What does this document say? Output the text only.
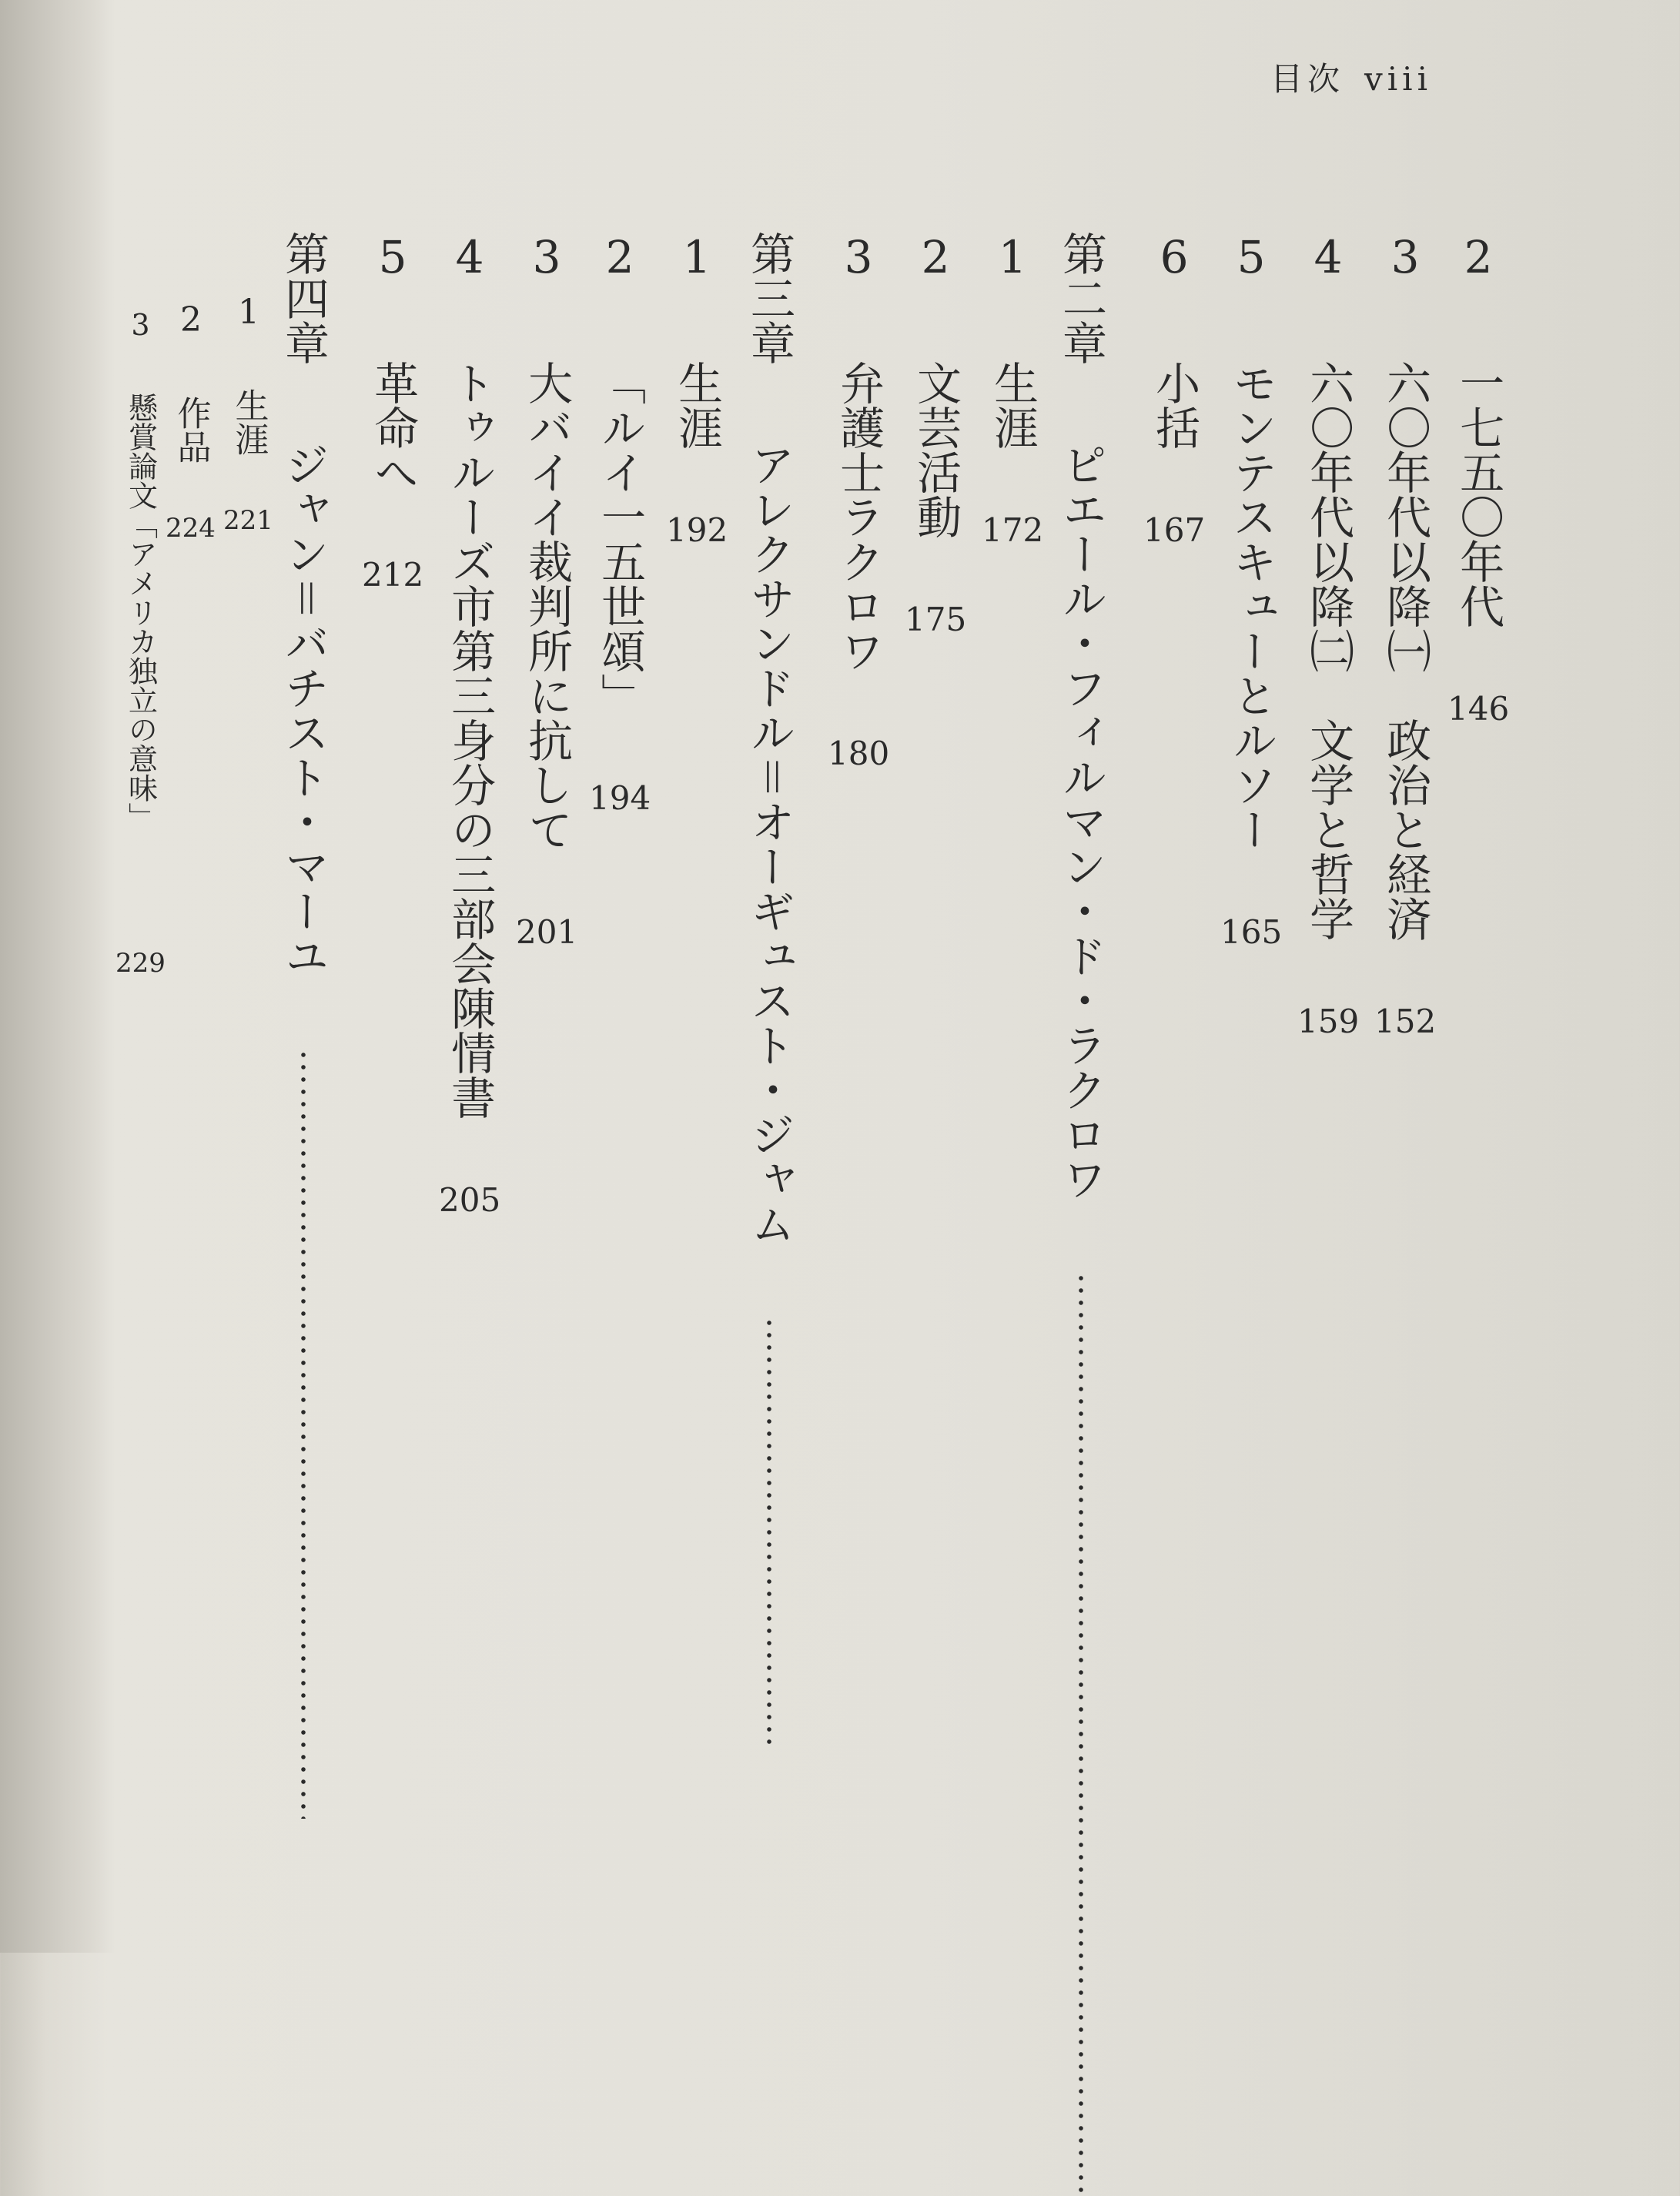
目次 viii
2 一七五〇年代 146
3 六〇年代以降㈠　政治と経済 152
4 六〇年代以降㈡　文学と哲学 159
5 モンテスキューとルソー 165
6 小括 167
第二章 ピエール・フィルマン・ド・ラクロワ
1 生涯 172
2 文芸活動 175
3 弁護士ラクロワ 180
第三章 アレクサンドル＝オーギュスト・ジャム
1 生涯 192
2 「ルイ一五世頌」 194
3 大バイイ裁判所に抗して 201
4 トゥルーズ市第三身分の三部会陳情書 205
5 革命へ 212
第四章 ジャン＝バチスト・マーユ
1 生涯 221
2 作品 224
3 懸賞論文「アメリカ独立の意味」 229
